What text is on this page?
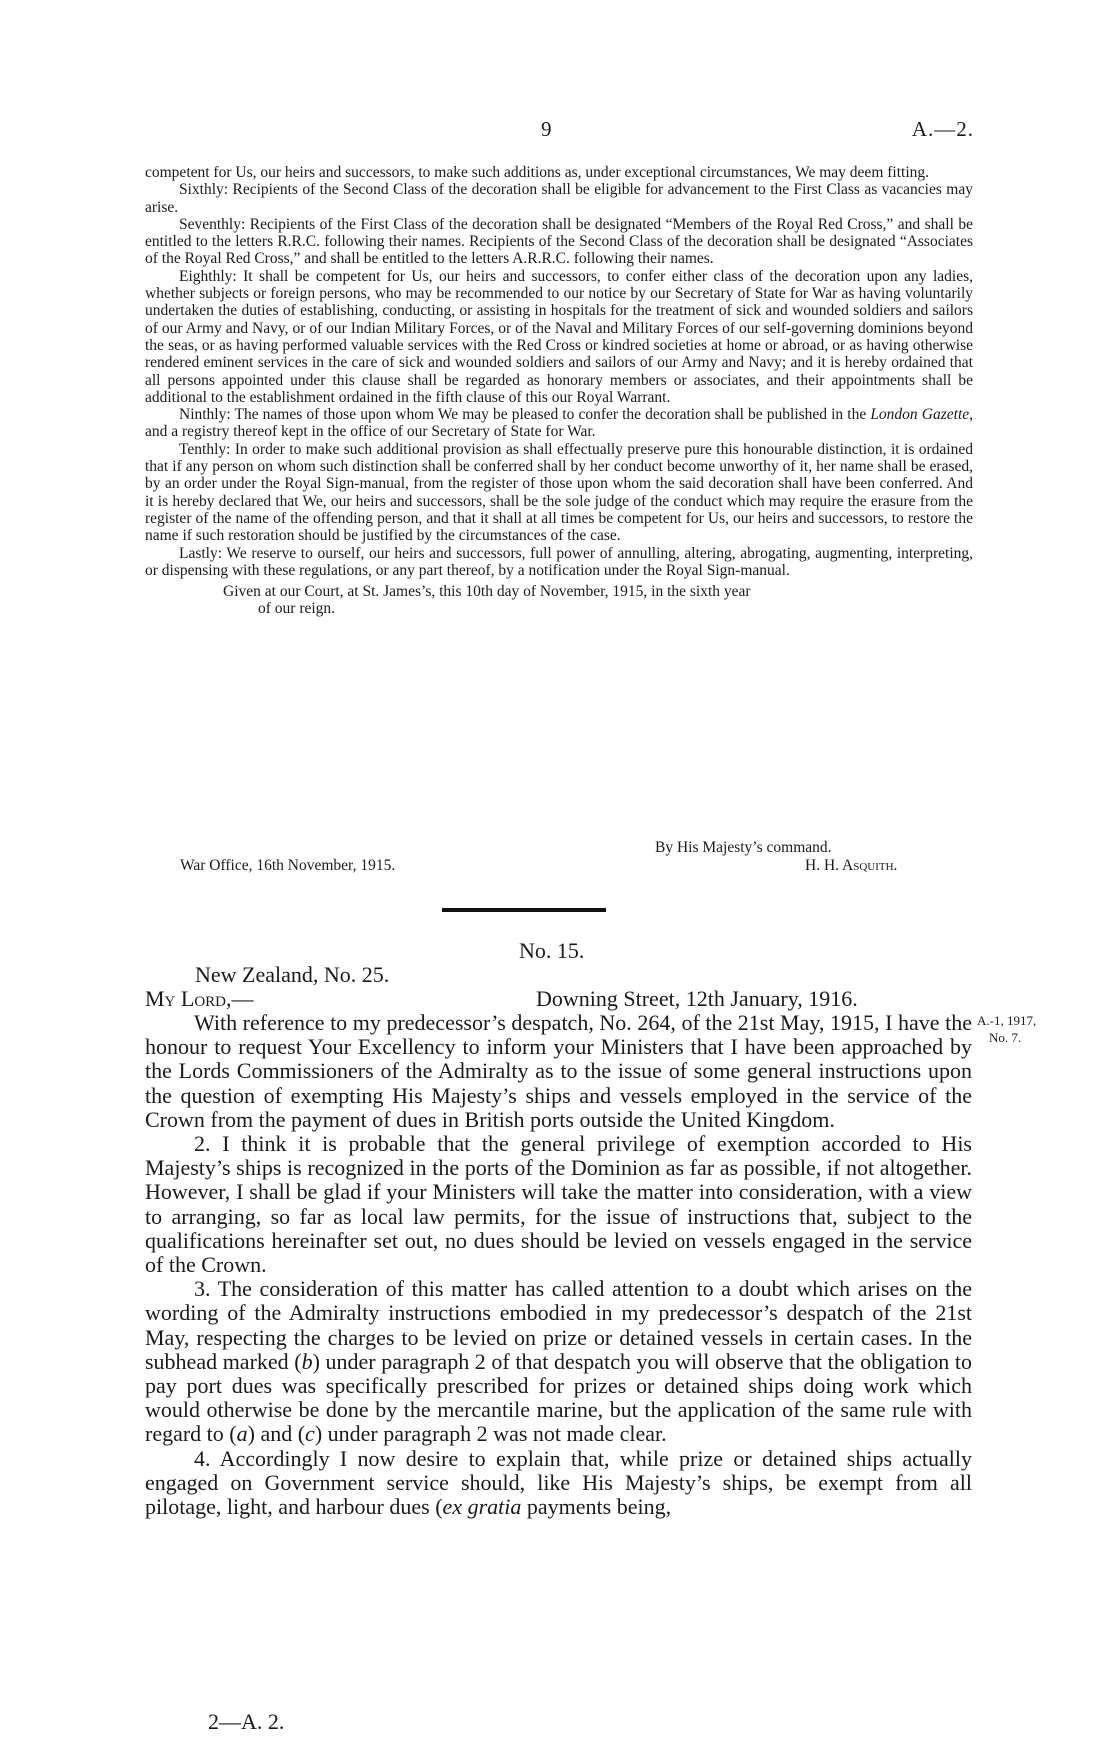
9	A.—2.

competent for Us, our heirs and successors, to make such additions as, under exceptional circumstances, We may deem fitting.

Sixthly: Recipients of the Second Class of the decoration shall be eligible for advancement to the First Class as vacancies may arise.

Seventhly: Recipients of the First Class of the decoration shall be designated “Members of the Royal Red Cross,” and shall be entitled to the letters R.R.C. following their names. Recipients of the Second Class of the decoration shall be designated “Associates of the Royal Red Cross,” and shall be entitled to the letters A.R.R.C. following their names.

Eighthly: It shall be competent for Us, our heirs and successors, to confer either class of the decoration upon any ladies, whether subjects or foreign persons, who may be recommended to our notice by our Secretary of State for War as having voluntarily undertaken the duties of establishing, conducting, or assisting in hospitals for the treatment of sick and wounded soldiers and sailors of our Army and Navy, or of our Indian Military Forces, or of the Naval and Military Forces of our self-governing dominions beyond the seas, or as having performed valuable services with the Red Cross or kindred societies at home or abroad, or as having otherwise rendered eminent services in the care of sick and wounded soldiers and sailors of our Army and Navy; and it is hereby ordained that all persons appointed under this clause shall be regarded as honorary members or associates, and their appointments shall be additional to the establishment ordained in the fifth clause of this our Royal Warrant.

Ninthly: The names of those upon whom We may be pleased to confer the decoration shall be published in the London Gazette, and a registry thereof kept in the office of our Secretary of State for War.

Tenthly: In order to make such additional provision as shall effectually preserve pure this honourable distinction, it is ordained that if any person on whom such distinction shall be conferred shall by her conduct become unworthy of it, her name shall be erased, by an order under the Royal Sign-manual, from the register of those upon whom the said decoration shall have been conferred. And it is hereby declared that We, our heirs and successors, shall be the sole judge of the conduct which may require the erasure from the register of the name of the offending person, and that it shall at all times be competent for Us, our heirs and successors, to restore the name if such restoration should be justified by the circumstances of the case.

Lastly: We reserve to ourself, our heirs and successors, full power of annulling, altering, abrogating, augmenting, interpreting, or dispensing with these regulations, or any part thereof, by a notification under the Royal Sign-manual.

Given at our Court, at St. James’s, this 10th day of November, 1915, in the sixth year
of our reign.

By His Majesty’s command.
H. H. Asquith.
War Office, 16th November, 1915.
No. 15.
New Zealand, No. 25.
My Lord,—	Downing Street, 12th January, 1916.
A.-1, 1917,
No. 7.

With reference to my predecessor’s despatch, No. 264, of the 21st May, 1915, I have the honour to request Your Excellency to inform your Ministers that I have been approached by the Lords Commissioners of the Admiralty as to the issue of some general instructions upon the question of exempting His Majesty’s ships and vessels employed in the service of the Crown from the payment of dues in British ports outside the United Kingdom.

2. I think it is probable that the general privilege of exemption accorded to His Majesty’s ships is recognized in the ports of the Dominion as far as possible, if not altogether. However, I shall be glad if your Ministers will take the matter into consideration, with a view to arranging, so far as local law permits, for the issue of instructions that, subject to the qualifications hereinafter set out, no dues should be levied on vessels engaged in the service of the Crown.

3. The consideration of this matter has called attention to a doubt which arises on the wording of the Admiralty instructions embodied in my predecessor’s despatch of the 21st May, respecting the charges to be levied on prize or detained vessels in certain cases. In the subhead marked (b) under paragraph 2 of that despatch you will observe that the obligation to pay port dues was specifically prescribed for prizes or detained ships doing work which would otherwise be done by the mercantile marine, but the application of the same rule with regard to (a) and (c) under paragraph 2 was not made clear.

4. Accordingly I now desire to explain that, while prize or detained ships actually engaged on Government service should, like His Majesty’s ships, be exempt from all pilotage, light, and harbour dues (ex gratia payments being,

2—A. 2.
